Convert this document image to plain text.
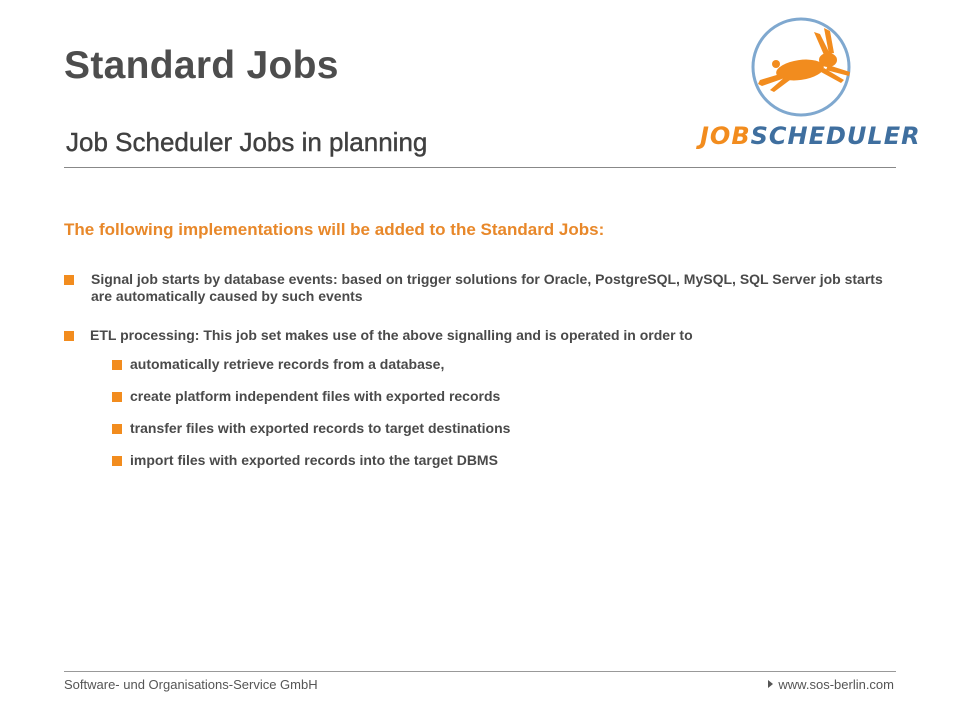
Standard Jobs
JOBSCHEDULER
Job Scheduler Jobs in planning

The following implementations will be added to the Standard Jobs:

Signal job starts by database events: based on trigger solutions for Oracle, PostgreSQL, MySQL, SQL Server job starts are automatically caused by such events
ETL processing: This job set makes use of the above signalling and is operated in order to
automatically retrieve records from a database,
create platform independent files with exported records
transfer files with exported records to target destinations
import files with exported records into the target DBMS
Software- und Organisations-Service GmbH	www.sos-berlin.com
